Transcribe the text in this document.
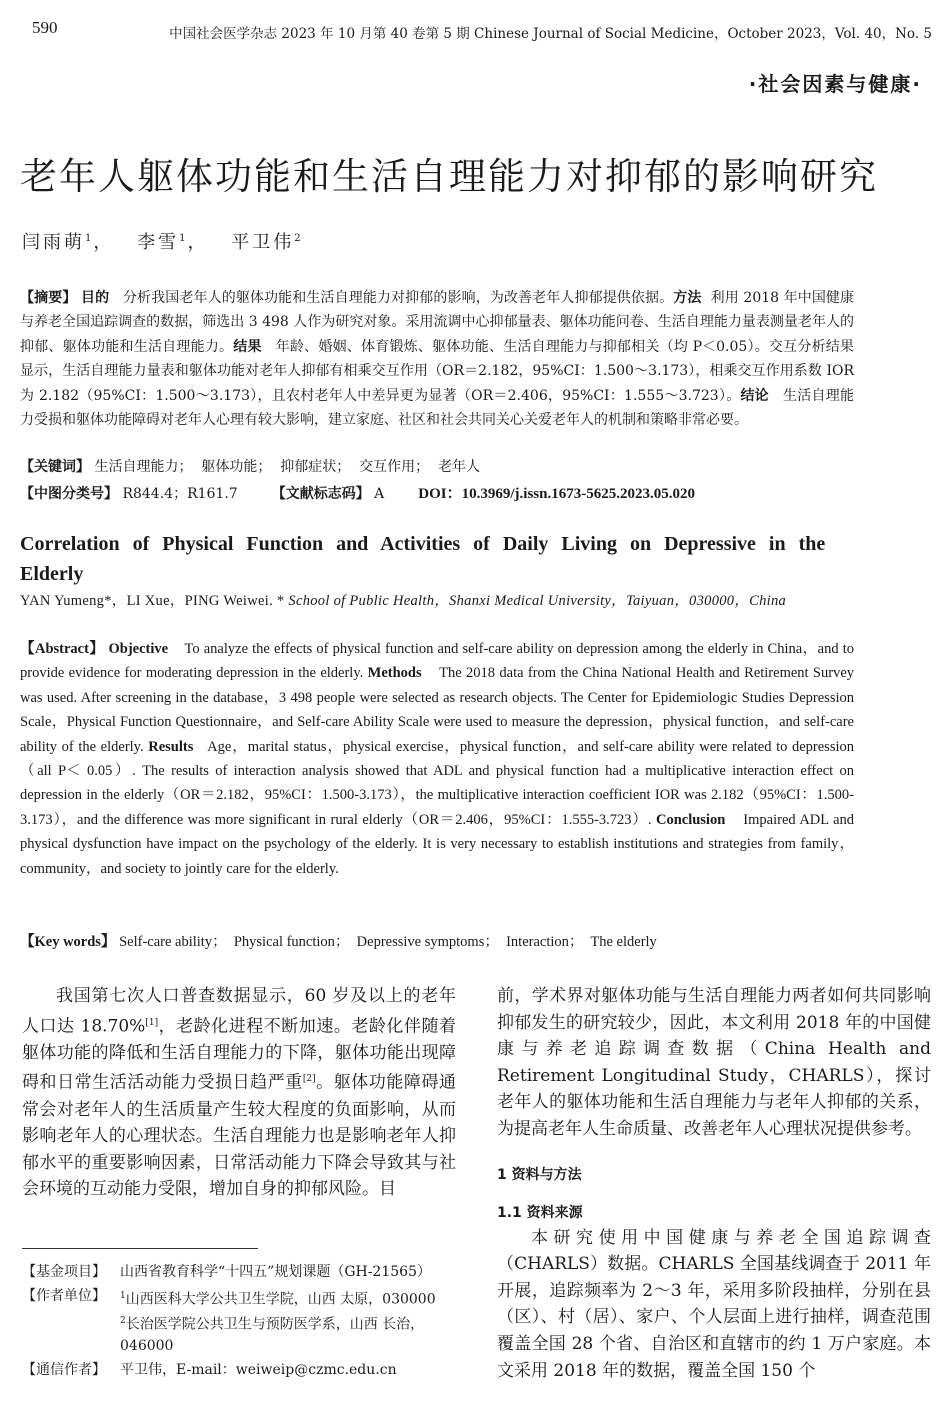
590	中国社会医学杂志 2023 年 10 月第 40 卷第 5 期 Chinese Journal of Social Medicine，October 2023，Vol. 40，No. 5
·社会因素与健康·
老年人躯体功能和生活自理能力对抑郁的影响研究
闫雨萌$^1$ ， 李雪$^1$ ， 平卫伟$^2$
【摘要】 目的 分析我国老年人的躯体功能和生活自理能力对抑郁的影响，为改善老年人抑郁提供依据。方法 利用 2018 年中国健康与养老全国追踪调查的数据，筛选出 3 498 人作为研究对象。采用流调中心抑郁量表、躯体功能问卷、生活自理能力量表测量老年人的抑郁、躯体功能和生活自理能力。结果 年龄、婚姻、体育锻炼、躯体功能、生活自理能力与抑郁相关（均 P＜0.05）。交互分析结果显示，生活自理能力量表和躯体功能对老年人抑郁有相乘交互作用（OR＝2.182，95%CI：1.500～3.173），相乘交互作用系数 IOR 为 2.182（95%CI：1.500～3.173），且农村老年人中差异更为显著（OR＝2.406，95%CI：1.555～3.723）。结论 生活自理能力受损和躯体功能障碍对老年人心理有较大影响，建立家庭、社区和社会共同关心关爱老年人的机制和策略非常必要。
【关键词】 生活自理能力；  躯体功能；  抑郁症状；  交互作用；  老年人
【中图分类号】 R844.4；R161.7 【文献标志码】 A DOI：10.3969/j.issn.1673-5625.2023.05.020
Correlation of Physical Function and Activities of Daily Living on Depressive in the Elderly
YAN Yumeng*，LI Xue，PING Weiwei. * School of Public Health，Shanxi Medical University，Taiyuan，030000，China
【Abstract】 Objective To analyze the effects of physical function and self-care ability on depression among the elderly in China，and to provide evidence for moderating depression in the elderly. Methods The 2018 data from the China National Health and Retirement Survey was used. After screening in the database，3 498 people were selected as research objects. The Center for Epidemiologic Studies Depression Scale，Physical Function Questionnaire，and Self-care Ability Scale were used to measure the depression，physical function，and self-care ability of the elderly. Results Age，marital status，physical exercise，physical function，and self-care ability were related to depression（all P＜ 0.05）. The results of interaction analysis showed that ADL and physical function had a multiplicative interaction effect on depression in the elderly（OR＝2.182，95%CI：1.500-3.173），the multiplicative interaction coefficient IOR was 2.182（95%CI：1.500-3.173），and the difference was more significant in rural elderly（OR＝2.406，95%CI：1.555-3.723）. Conclusion Impaired ADL and physical dysfunction have impact on the psychology of the elderly. It is very necessary to establish institutions and strategies from family，community，and society to jointly care for the elderly.
【Key words】 Self-care ability；  Physical function；  Depressive symptoms；  Interaction；  The elderly

我国第七次人口普查数据显示，60 岁及以上的老年人口达 18.70%[1]，老龄化进程不断加速。老龄化伴随着躯体功能的降低和生活自理能力的下降，躯体功能出现障碍和日常生活活动能力受损日趋严重[2]。躯体功能障碍通常会对老年人的生活质量产生较大程度的负面影响，从而影响老年人的心理状态。生活自理能力也是影响老年人抑郁水平的重要影响因素，日常活动能力下降会导致其与社会环境的互动能力受限，增加自身的抑郁风险。目

【基金项目】	山西省教育科学“十四五”规划课题（GH-21565）
【作者单位】	$^1$山西医科大学公共卫生学院，山西 太原，030000
$^2$长治医学院公共卫生与预防医学系，山西 长治，046000
【通信作者】	平卫伟，E-mail：weiweip@czmc.edu.cn

前，学术界对躯体功能与生活自理能力两者如何共同影响抑郁发生的研究较少，因此，本文利用 2018 年的中国健康与养老追踪调查数据（China Health and Retirement Longitudinal Study，CHARLS），探讨老年人的躯体功能和生活自理能力与老年人抑郁的关系，为提高老年人生命质量、改善老年人心理状况提供参考。

1 资料与方法
1.1 资料来源

本研究使用中国健康与养老全国追踪调查（CHARLS）数据。CHARLS 全国基线调查于 2011 年开展，追踪频率为 2～3 年，采用多阶段抽样，分别在县（区）、村（居）、家户、个人层面上进行抽样，调查范围覆盖全国 28 个省、自治区和直辖市的约 1 万户家庭。本文采用 2018 年的数据，覆盖全国 150 个
